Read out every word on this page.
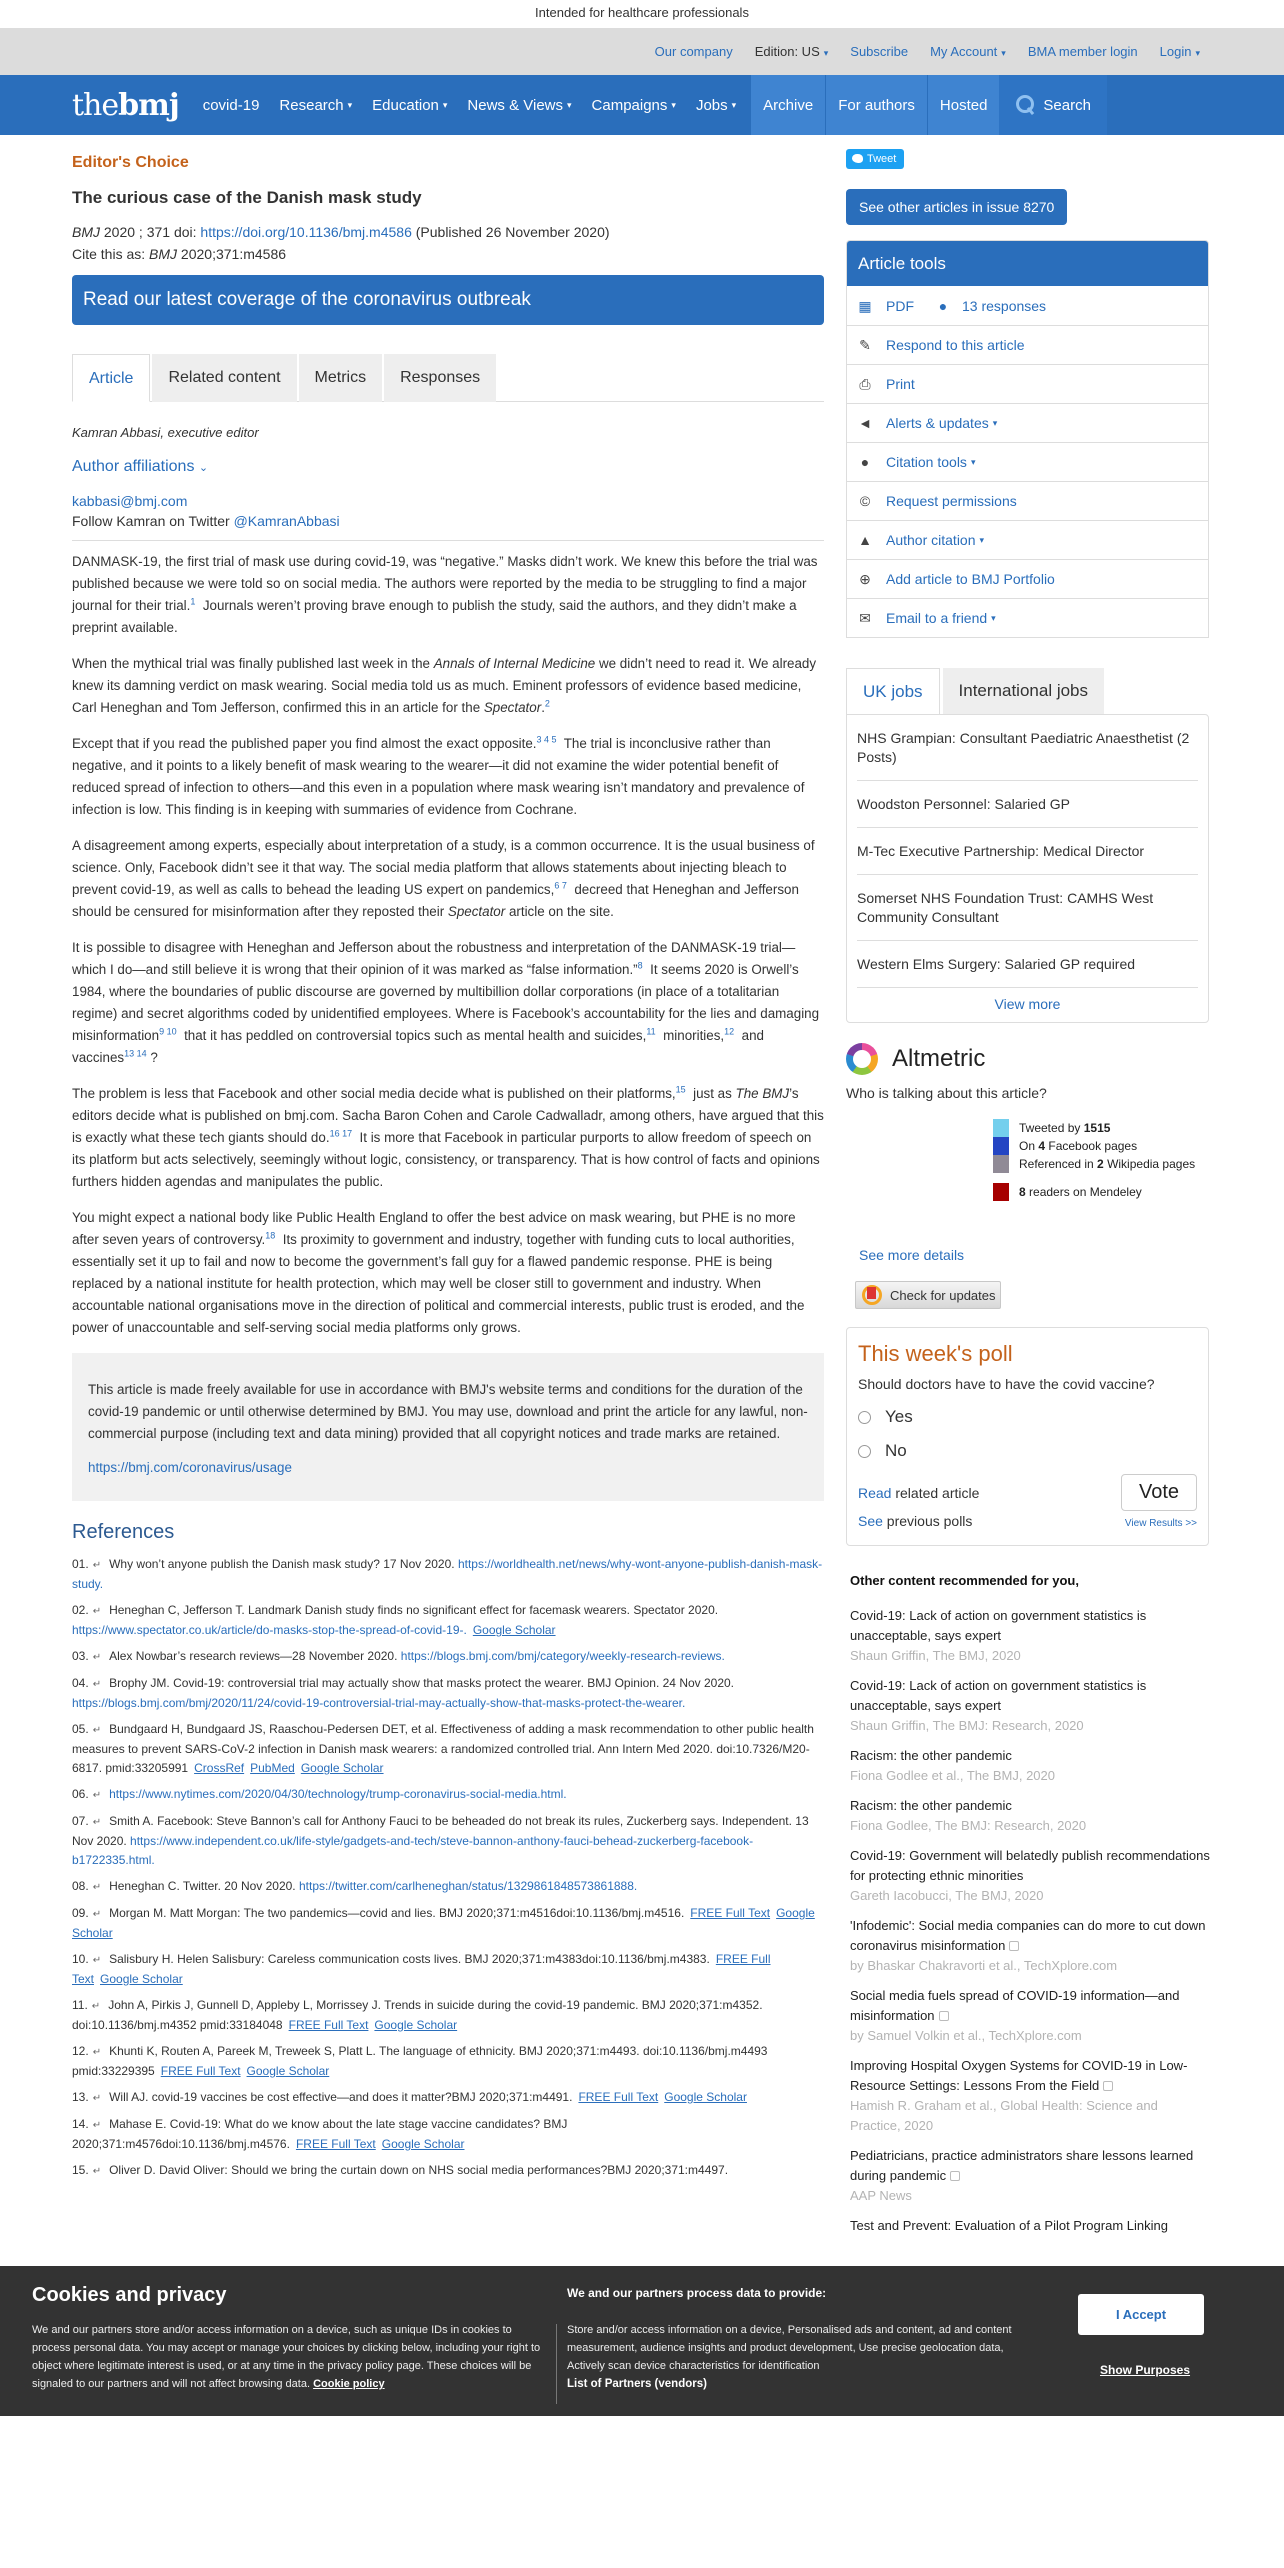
Intended for healthcare professionals
Our company Edition: US ▾ Subscribe My Account ▾ BMA member login Login ▾
the bmj covid-19 Research ▾ Education ▾ News & Views ▾ Campaigns ▾ Jobs ▾	Archive	For authors	Hosted	Search
Editor's Choice
The curious case of the Danish mask study
BMJ 2020 ; 371 doi: https://doi.org/10.1136/bmj.m4586 (Published 26 November 2020)
Cite this as: BMJ 2020;371:m4586
Read our latest coverage of the coronavirus outbreak
Article	Related content	Metrics	Responses
Kamran Abbasi, executive editor
Author affiliations ⌄
kabbasi@bmj.com
Follow Kamran on Twitter @KamranAbbasi

DANMASK-19, the first trial of mask use during covid-19, was “negative.” Masks didn’t work. We knew this before the trial was published because we were told so on social media. The authors were reported by the media to be struggling to find a major journal for their trial.$^1$ Journals weren’t proving brave enough to publish the study, said the authors, and they didn’t make a preprint available.

When the mythical trial was finally published last week in the Annals of Internal Medicine we didn’t need to read it. We already knew its damning verdict on mask wearing. Social media told us as much. Eminent professors of evidence based medicine, Carl Heneghan and Tom Jefferson, confirmed this in an article for the Spectator.$^2$

Except that if you read the published paper you find almost the exact opposite.$^{3 4 5}$ The trial is inconclusive rather than negative, and it points to a likely benefit of mask wearing to the wearer—it did not examine the wider potential benefit of reduced spread of infection to others—and this even in a population where mask wearing isn’t mandatory and prevalence of infection is low. This finding is in keeping with summaries of evidence from Cochrane.

A disagreement among experts, especially about interpretation of a study, is a common occurrence. It is the usual business of science. Only, Facebook didn’t see it that way. The social media platform that allows statements about injecting bleach to prevent covid-19, as well as calls to behead the leading US expert on pandemics,$^{6 7}$ decreed that Heneghan and Jefferson should be censured for misinformation after they reposted their Spectator article on the site.

It is possible to disagree with Heneghan and Jefferson about the robustness and interpretation of the DANMASK-19 trial—which I do—and still believe it is wrong that their opinion of it was marked as “false information.”$^8$ It seems 2020 is Orwell’s 1984, where the boundaries of public discourse are governed by multibillion dollar corporations (in place of a totalitarian regime) and secret algorithms coded by unidentified employees. Where is Facebook’s accountability for the lies and damaging misinformation$^{9 10}$ that it has peddled on controversial topics such as mental health and suicides,$^{11}$ minorities,$^{12}$ and vaccines$^{13 14}$ ?

The problem is less that Facebook and other social media decide what is published on their platforms,$^{15}$ just as The BMJ’s editors decide what is published on bmj.com. Sacha Baron Cohen and Carole Cadwalladr, among others, have argued that this is exactly what these tech giants should do.$^{16 17}$ It is more that Facebook in particular purports to allow freedom of speech on its platform but acts selectively, seemingly without logic, consistency, or transparency. That is how control of facts and opinions furthers hidden agendas and manipulates the public.

You might expect a national body like Public Health England to offer the best advice on mask wearing, but PHE is no more after seven years of controversy.$^{18}$ Its proximity to government and industry, together with funding cuts to local authorities, essentially set it up to fail and now to become the government’s fall guy for a flawed pandemic response. PHE is being replaced by a national institute for health protection, which may well be closer still to government and industry. When accountable national organisations move in the direction of political and commercial interests, public trust is eroded, and the power of unaccountable and self-serving social media platforms only grows.

This article is made freely available for use in accordance with BMJ's website terms and conditions for the duration of the covid-19 pandemic or until otherwise determined by BMJ. You may use, download and print the article for any lawful, non-commercial purpose (including text and data mining) provided that all copyright notices and trade marks are retained.
https://bmj.com/coronavirus/usage
References
01. ↵ Why won’t anyone publish the Danish mask study? 17 Nov 2020. https://worldhealth.net/news/why-wont-anyone-publish-danish-mask-study.
02. ↵ Heneghan C, Jefferson T. Landmark Danish study finds no significant effect for facemask wearers. Spectator 2020. https://www.spectator.co.uk/article/do-masks-stop-the-spread-of-covid-19-. Google Scholar
03. ↵ Alex Nowbar’s research reviews—28 November 2020. https://blogs.bmj.com/bmj/category/weekly-research-reviews.
04. ↵ Brophy JM. Covid-19: controversial trial may actually show that masks protect the wearer. BMJ Opinion. 24 Nov 2020. https://blogs.bmj.com/bmj/2020/11/24/covid-19-controversial-trial-may-actually-show-that-masks-protect-the-wearer.
05. ↵ Bundgaard H, Bundgaard JS, Raaschou-Pedersen DET, et al. Effectiveness of adding a mask recommendation to other public health measures to prevent SARS-CoV-2 infection in Danish mask wearers: a randomized controlled trial. Ann Intern Med 2020. doi:10.7326/M20-6817. pmid:33205991 CrossRef PubMed Google Scholar
06. ↵ https://www.nytimes.com/2020/04/30/technology/trump-coronavirus-social-media.html.
07. ↵ Smith A. Facebook: Steve Bannon’s call for Anthony Fauci to be beheaded do not break its rules, Zuckerberg says. Independent. 13 Nov 2020. https://www.independent.co.uk/life-style/gadgets-and-tech/steve-bannon-anthony-fauci-behead-zuckerberg-facebook-b1722335.html.
08. ↵ Heneghan C. Twitter. 20 Nov 2020. https://twitter.com/carlheneghan/status/1329861848573861888.
09. ↵ Morgan M. Matt Morgan: The two pandemics—covid and lies. BMJ 2020;371:m4516doi:10.1136/bmj.m4516. FREE Full Text Google Scholar
10. ↵ Salisbury H. Helen Salisbury: Careless communication costs lives. BMJ 2020;371:m4383doi:10.1136/bmj.m4383. FREE Full Text Google Scholar
11. ↵ John A, Pirkis J, Gunnell D, Appleby L, Morrissey J. Trends in suicide during the covid-19 pandemic. BMJ 2020;371:m4352. doi:10.1136/bmj.m4352 pmid:33184048 FREE Full Text Google Scholar
12. ↵ Khunti K, Routen A, Pareek M, Treweek S, Platt L. The language of ethnicity. BMJ 2020;371:m4493. doi:10.1136/bmj.m4493 pmid:33229395 FREE Full Text Google Scholar
13. ↵ Will AJ. covid-19 vaccines be cost effective—and does it matter?BMJ 2020;371:m4491. FREE Full Text Google Scholar
14. ↵ Mahase E. Covid-19: What do we know about the late stage vaccine candidates? BMJ 2020;371:m4576doi:10.1136/bmj.m4576. FREE Full Text Google Scholar
15. ↵ Oliver D. David Oliver: Should we bring the curtain down on NHS social media performances?BMJ 2020;371:m4497.
Tweet
See other articles in issue 8270
Article tools
▦ PDF	●	13 responses
✎ Respond to this article
⎙ Print
◄ Alerts & updates ▾
●	Citation tools ▾
© Request permissions
▲ Author citation ▾
⊕ Add article to BMJ Portfolio
✉ Email to a friend ▾
UK jobs	International jobs
NHS Grampian: Consultant Paediatric Anaesthetist (2 Posts)
Woodston Personnel: Salaried GP
M-Tec Executive Partnership: Medical Director
Somerset NHS Foundation Trust: CAMHS West Community Consultant
Western Elms Surgery: Salaried GP required
View more
Altmetric
Who is talking about this article?
Tweeted by 1515
On 4 Facebook pages
Referenced in 2 Wikipedia pages
8 readers on Mendeley
See more details
Check for updates
This week's poll
Should doctors have to have the covid vaccine?
Yes
No
Read related article
See previous polls
Vote
View Results >>
Other content recommended for you,
Covid-19: Lack of action on government statistics is unacceptable, says expert
Shaun Griffin, The BMJ, 2020
Covid-19: Lack of action on government statistics is unacceptable, says expert
Shaun Griffin, The BMJ: Research, 2020
Racism: the other pandemic
Fiona Godlee et al., The BMJ, 2020
Racism: the other pandemic
Fiona Godlee, The BMJ: Research, 2020
Covid-19: Government will belatedly publish recommendations for protecting ethnic minorities
Gareth Iacobucci, The BMJ, 2020
'Infodemic': Social media companies can do more to cut down coronavirus misinformation
by Bhaskar Chakravorti et al., TechXplore.com
Social media fuels spread of COVID-19 information—and misinformation
by Samuel Volkin et al., TechXplore.com
Improving Hospital Oxygen Systems for COVID-19 in Low-Resource Settings: Lessons From the Field
Hamish R. Graham et al., Global Health: Science and Practice, 2020
Pediatricians, practice administrators share lessons learned during pandemic
AAP News
Test and Prevent: Evaluation of a Pilot Program Linking
Cookies and privacy
We and our partners store and/or access information on a device, such as unique IDs in cookies to process personal data. You may accept or manage your choices by clicking below, including your right to object where legitimate interest is used, or at any time in the privacy policy page. These choices will be signaled to our partners and will not affect browsing data. Cookie policy
We and our partners process data to provide:
Store and/or access information on a device, Personalised ads and content, ad and content measurement, audience insights and product development, Use precise geolocation data, Actively scan device characteristics for identification
List of Partners (vendors)
I Accept
Show Purposes
